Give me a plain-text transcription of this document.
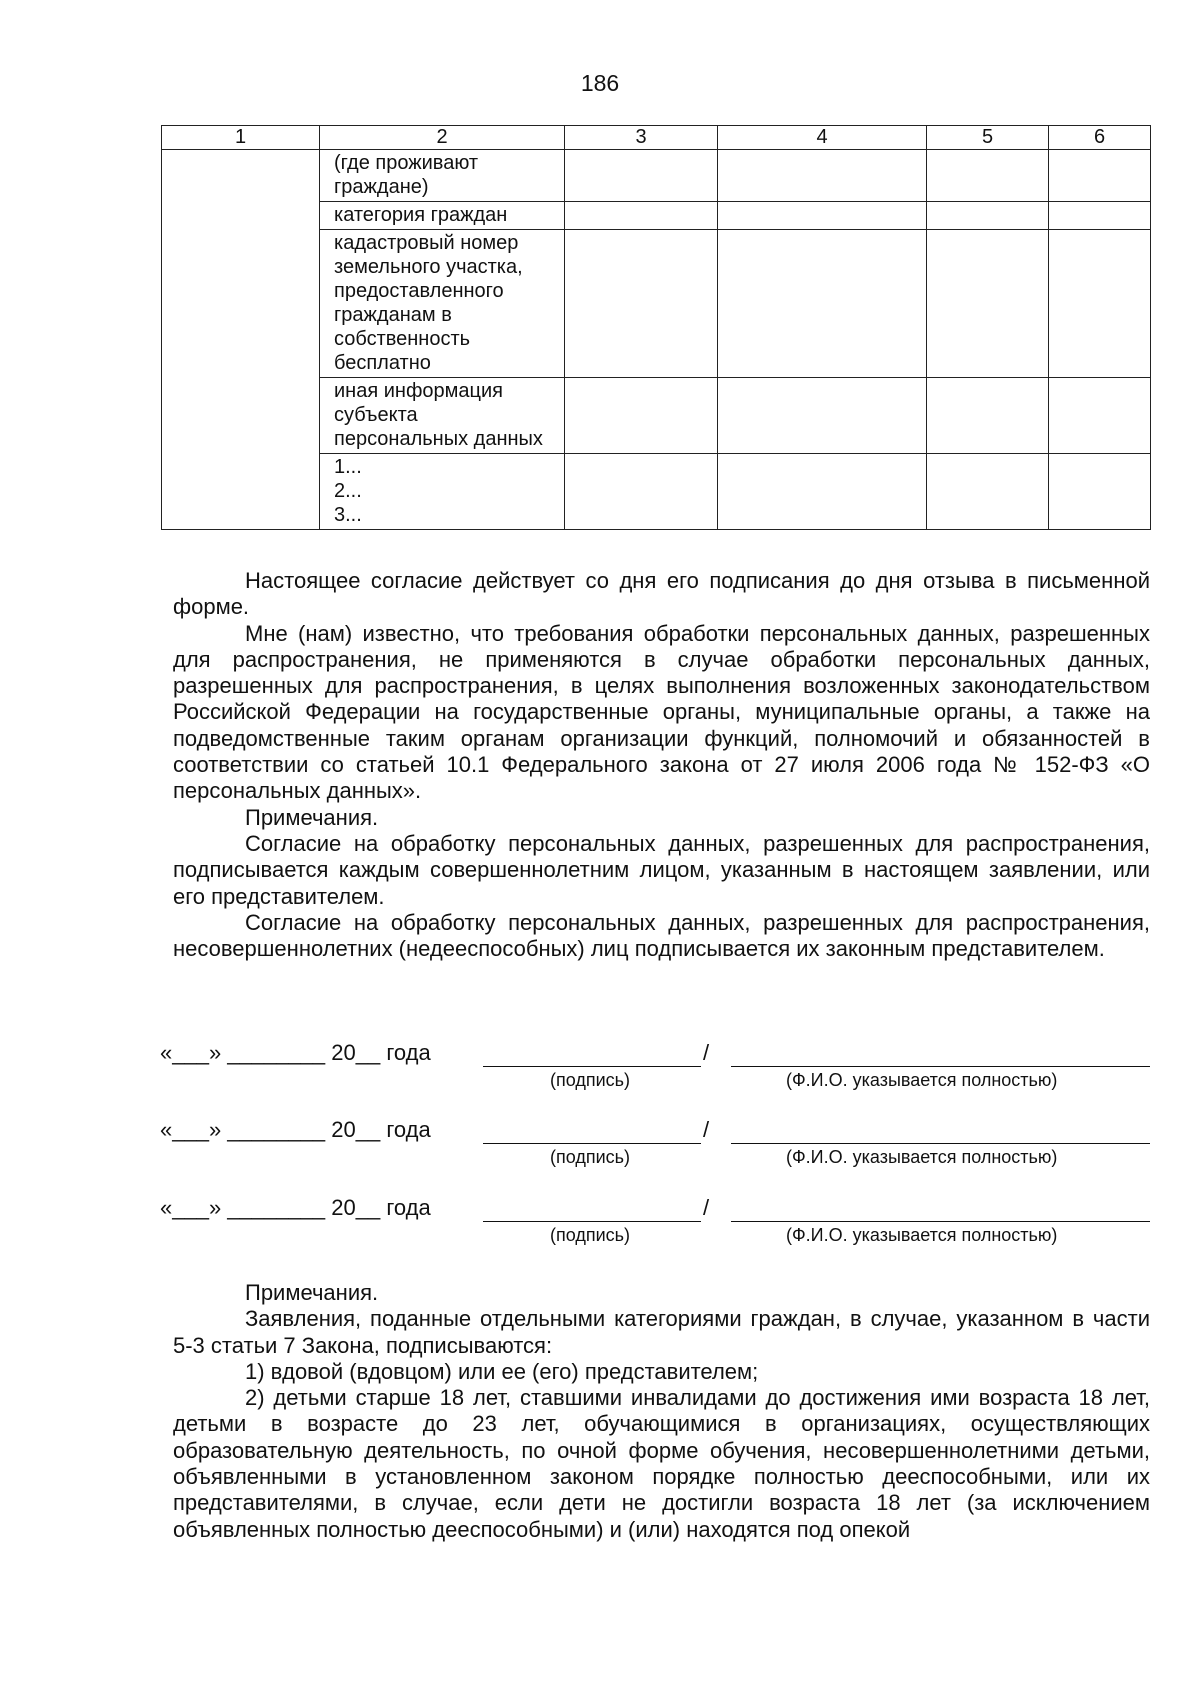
186
1	2	3	4	5	6
	(где проживают граждане)				
	категория граждан				
	кадастровый номер земельного участка, предоставленного гражданам в собственность бесплатно				
	иная информация субъекта персональных данных				

	1...
2...
3...				

Настоящее согласие действует со дня его подписания до дня отзыва в письменной форме.

Мне (нам) известно, что требования обработки персональных данных, разрешенных для распространения, не применяются в случае обработки персональных данных, разрешенных для распространения, в целях выполнения возложенных законодательством Российской Федерации на государственные органы, муниципальные органы, а также на подведомственные таким органам организации функций, полномочий и обязанностей в соответствии со статьей 10.1 Федерального закона от 27 июля 2006 года № 152-ФЗ «О персональных данных».

Примечания.

Согласие на обработку персональных данных, разрешенных для распространения, подписывается каждым совершеннолетним лицом, указанным в настоящем заявлении, или его представителем.

Согласие на обработку персональных данных, разрешенных для распространения, несовершеннолетних (недееспособных) лиц подписывается их законным представителем.

«___» ________ 20__ года	/
(подпись)	(Ф.И.О. указывается полностью)
«___» ________ 20__ года	/
(подпись)	(Ф.И.О. указывается полностью)
«___» ________ 20__ года	/
(подпись)	(Ф.И.О. указывается полностью)

Примечания.

Заявления, поданные отдельными категориями граждан, в случае, указанном в части 5-3 статьи 7 Закона, подписываются:

1) вдовой (вдовцом) или ее (его) представителем;

2) детьми старше 18 лет, ставшими инвалидами до достижения ими возраста 18 лет, детьми в возрасте до 23 лет, обучающимися в организациях, осуществляющих образовательную деятельность, по очной форме обучения, несовершеннолетними детьми, объявленными в установленном законом порядке полностью дееспособными, или их представителями, в случае, если дети не достигли возраста 18 лет (за исключением объявленных полностью дееспособными) и (или) находятся под опекой
